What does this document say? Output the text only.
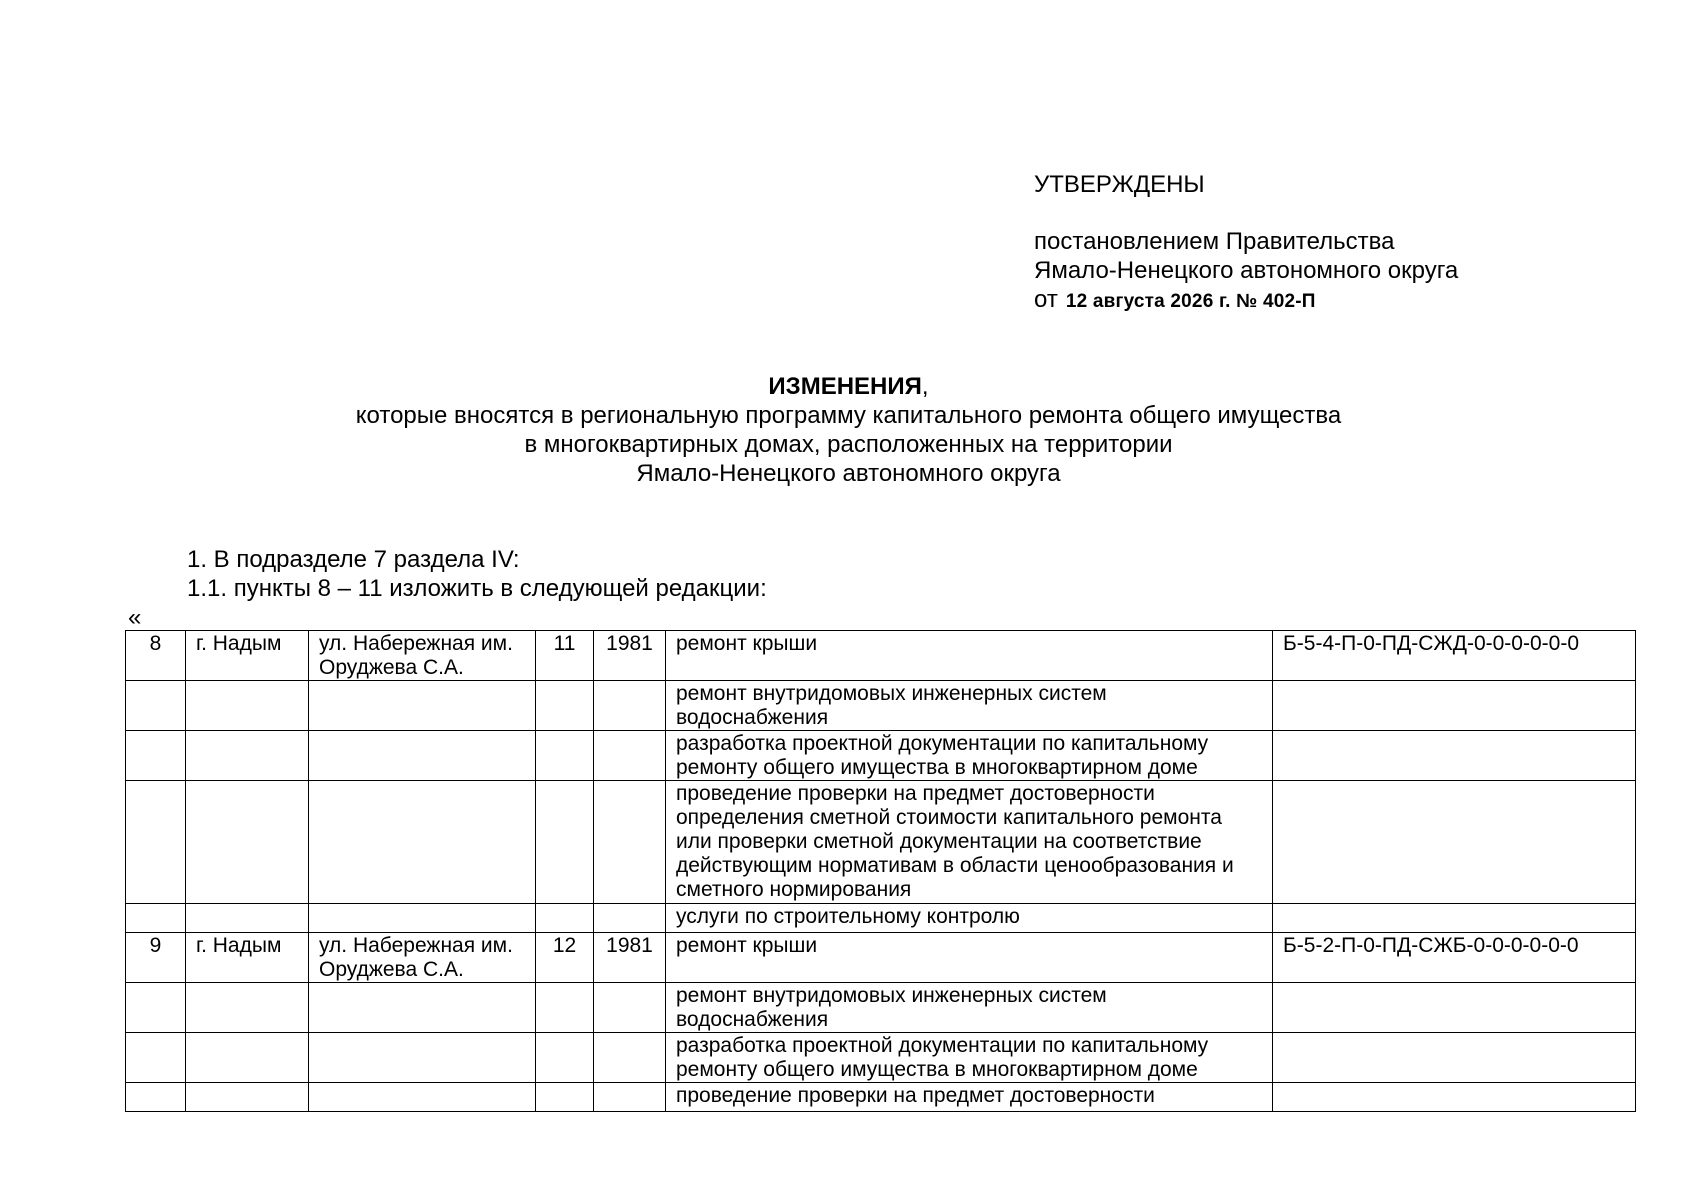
УТВЕРЖДЕНЫ
постановлением Правительства
Ямало-Ненецкого автономного округа
от 12 августа 2026 г. № 402-П
ИЗМЕНЕНИЯ,
которые вносятся в региональную программу капитального ремонта общего имущества
в многоквартирных домах, расположенных на территории
Ямало-Ненецкого автономного округа
1. В подразделе 7 раздела IV:
1.1. пункты 8 – 11 изложить в следующей редакции:
«
8	г. Надым	ул. Набережная им. Оруджева С.А.	11	1981	ремонт крыши	Б-5-4-П-0-ПД-СЖД-0-0-0-0-0-0
					ремонт внутридомовых инженерных систем водоснабжения	
					разработка проектной документации по капитальному ремонту общего имущества в многоквартирном доме	
					проведение проверки на предмет достоверности определения сметной стоимости капитального ремонта или проверки сметной документации на соответствие действующим нормативам в области ценообразования и сметного нормирования	
					услуги по строительному контролю	
9	г. Надым	ул. Набережная им. Оруджева С.А.	12	1981	ремонт крыши	Б-5-2-П-0-ПД-СЖБ-0-0-0-0-0-0
					ремонт внутридомовых инженерных систем водоснабжения	
					разработка проектной документации по капитальному ремонту общего имущества в многоквартирном доме	
					проведение проверки на предмет достоверности	
